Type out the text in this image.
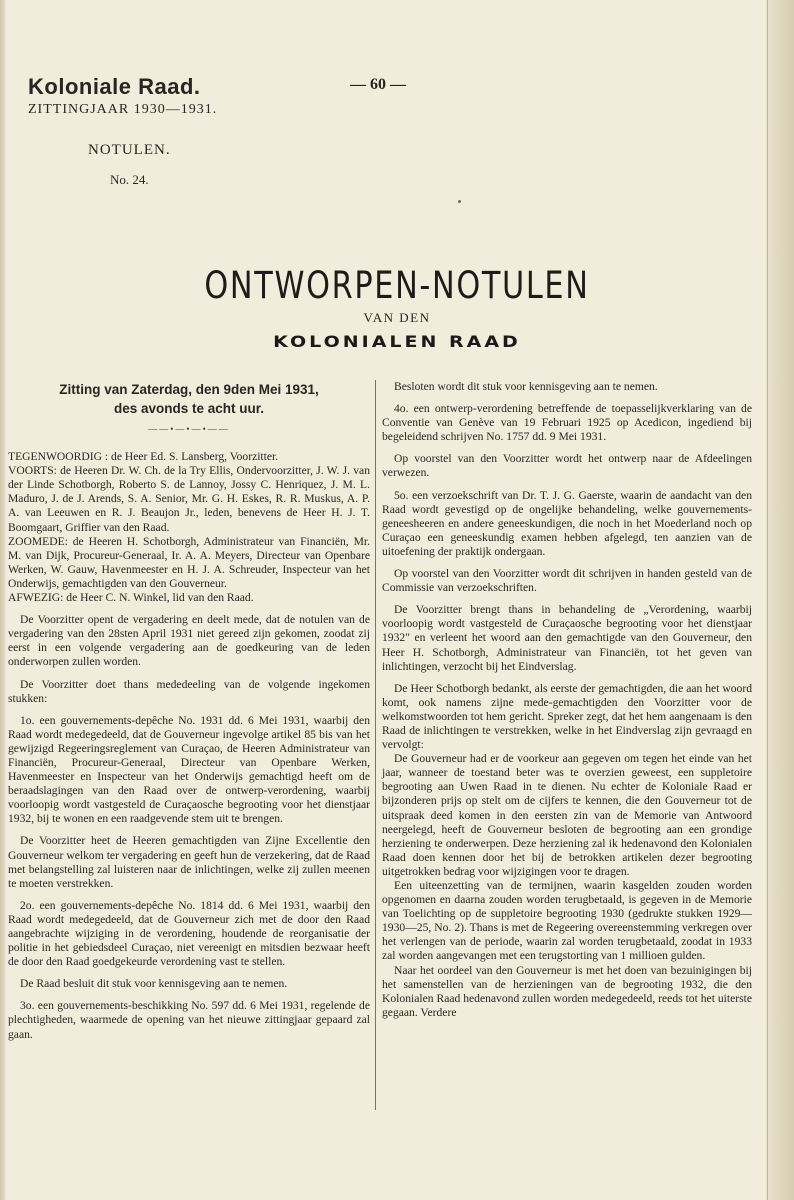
Koloniale Raad.
ZITTINGJAAR 1930—1931.
— 60 —
NOTULEN.
No. 24.
ONTWORPEN-NOTULEN
VAN DEN
KOLONIALEN RAAD
Zitting van Zaterdag, den 9den Mei 1931,
des avonds te acht uur.
——•—•—•——

TEGENWOORDIG : de Heer Ed. S. Lansberg, Voorzitter.

VOORTS: de Heeren Dr. W. Ch. de la Try Ellis, Ondervoorzitter, J. W. J. van der Linde Schotborgh, Roberto S. de Lannoy, Jossy C. Henriquez, J. M. L. Maduro, J. de J. Arends, S. A. Senior, Mr. G. H. Eskes, R. R. Muskus, A. P. A. van Leeuwen en R. J. Beaujon Jr., leden, benevens de Heer H. J. T. Boomgaart, Griffier van den Raad.

ZOOMEDE: de Heeren H. Schotborgh, Administrateur van Financiën, Mr. M. van Dijk, Procureur-Generaal, Ir. A. A. Meyers, Directeur van Openbare Werken, W. Gauw, Havenmeester en H. J. A. Schreuder, Inspecteur van het Onderwijs, gemachtigden van den Gouverneur.

AFWEZIG: de Heer C. N. Winkel, lid van den Raad.

De Voorzitter opent de vergadering en deelt mede, dat de notulen van de vergadering van den 28sten April 1931 niet gereed zijn gekomen, zoodat zij eerst in een volgende vergadering aan de goedkeuring van de leden onderworpen zullen worden.

De Voorzitter doet thans mededeeling van de volgende ingekomen stukken:

1o. een gouvernements-depêche No. 1931 dd. 6 Mei 1931, waarbij den Raad wordt medegedeeld, dat de Gouverneur ingevolge artikel 85 bis van het gewijzigd Regeeringsreglement van Curaçao, de Heeren Administrateur van Financiën, Procureur-Generaal, Directeur van Openbare Werken, Havenmeester en Inspecteur van het Onderwijs gemachtigd heeft om de beraadslagingen van den Raad over de ontwerp-verordening, waarbij voorloopig wordt vastgesteld de Curaçaosche begrooting voor het dienstjaar 1932, bij te wonen en een raadgevende stem uit te brengen.

De Voorzitter heet de Heeren gemachtigden van Zijne Excellentie den Gouverneur welkom ter vergadering en geeft hun de verzekering, dat de Raad met belangstelling zal luisteren naar de inlichtingen, welke zij zullen meenen te moeten verstrekken.

2o. een gouvernements-depêche No. 1814 dd. 6 Mei 1931, waarbij den Raad wordt medegedeeld, dat de Gouverneur zich met de door den Raad aangebrachte wijziging in de verordening, houdende de reorganisatie der politie in het gebiedsdeel Curaçao, niet vereenigt en mitsdien bezwaar heeft de door den Raad goedgekeurde verordening vast te stellen.

De Raad besluit dit stuk voor kennisgeving aan te nemen.

3o. een gouvernements-beschikking No. 597 dd. 6 Mei 1931, regelende de plechtigheden, waarmede de opening van het nieuwe zittingjaar gepaard zal gaan.

Besloten wordt dit stuk voor kennisgeving aan te nemen.

4o. een ontwerp-verordening betreffende de toepasselijkverklaring van de Conventie van Genève van 19 Februari 1925 op Acedicon, ingediend bij begeleidend schrijven No. 1757 dd. 9 Mei 1931.

Op voorstel van den Voorzitter wordt het ontwerp naar de Afdeelingen verwezen.

5o. een verzoekschrift van Dr. T. J. G. Gaerste, waarin de aandacht van den Raad wordt gevestigd op de ongelijke behandeling, welke gouvernements-geneesheeren en andere geneeskundigen, die noch in het Moederland noch op Curaçao een geneeskundig examen hebben afgelegd, ten aanzien van de uitoefening der praktijk ondergaan.

Op voorstel van den Voorzitter wordt dit schrijven in handen gesteld van de Commissie van verzoekschriften.

De Voorzitter brengt thans in behandeling de „Verordening, waarbij voorloopig wordt vastgesteld de Curaçaosche begrooting voor het dienstjaar 1932" en verleent het woord aan den gemachtigde van den Gouverneur, den Heer H. Schotborgh, Administrateur van Financiën, tot het geven van inlichtingen, verzocht bij het Eindverslag.

De Heer Schotborgh bedankt, als eerste der gemachtigden, die aan het woord komt, ook namens zijne mede-gemachtigden den Voorzitter voor de welkomstwoorden tot hem gericht. Spreker zegt, dat het hem aangenaam is den Raad de inlichtingen te verstrekken, welke in het Eindverslag zijn gevraagd en vervolgt:

De Gouverneur had er de voorkeur aan gegeven om tegen het einde van het jaar, wanneer de toestand beter was te overzien geweest, een suppletoire begrooting aan Uwen Raad in te dienen. Nu echter de Koloniale Raad er bijzonderen prijs op stelt om de cijfers te kennen, die den Gouverneur tot de uitspraak deed komen in den eersten zin van de Memorie van Antwoord neergelegd, heeft de Gouverneur besloten de begrooting aan een grondige herziening te onderwerpen. Deze herziening zal ik hedenavond den Kolonialen Raad doen kennen door het bij de betrokken artikelen dezer begrooting uitgetrokken bedrag voor wijzigingen voor te dragen.

Een uiteenzetting van de termijnen, waarin kasgelden zouden worden opgenomen en daarna zouden worden terugbetaald, is gegeven in de Memorie van Toelichting op de suppletoire begrooting 1930 (gedrukte stukken 1929—1930—25, No. 2). Thans is met de Regeering overeenstemming verkregen over het verlengen van de periode, waarin zal worden terugbetaald, zoodat in 1933 zal worden aangevangen met een terugstorting van 1 millioen gulden.

Naar het oordeel van den Gouverneur is met het doen van bezuinigingen bij het samenstellen van de herzieningen van de begrooting 1932, die den Kolonialen Raad hedenavond zullen worden medegedeeld, reeds tot het uiterste gegaan. Verdere
